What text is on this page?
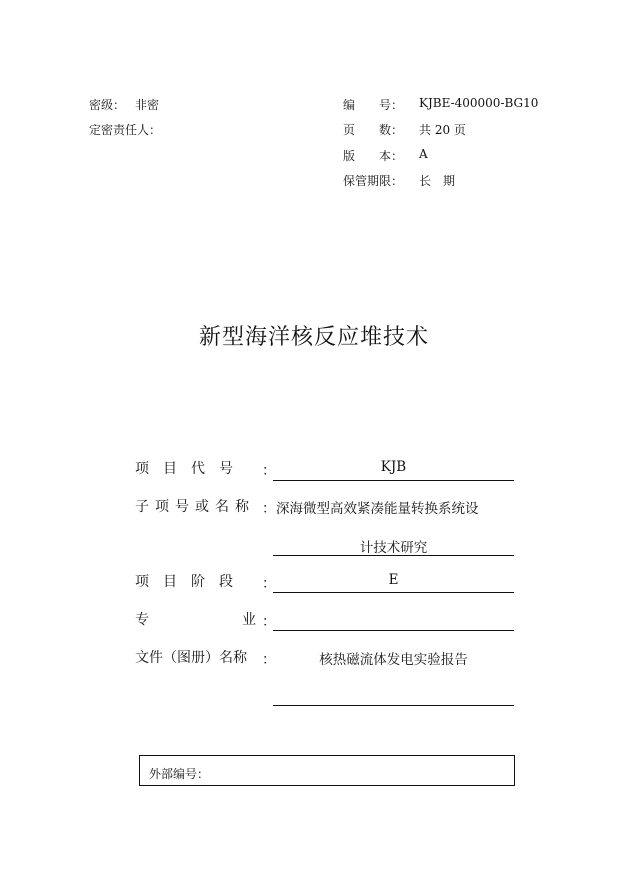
密级： 非密
定密责任人：
编　　号： KJBE-400000-BG10
页　　数： 共 20 页
版　　本： A
保管期限： 长　期
新型海洋核反应堆技术
项　目　代　号 ：	KJB
子项号或名称 ： 深海微型高效紧凑能量转换系统设
计技术研究
项　目　阶　段 ：	E
专	业 ：
文件（图册）名称 ：	核热磁流体发电实验报告
外部编号：
